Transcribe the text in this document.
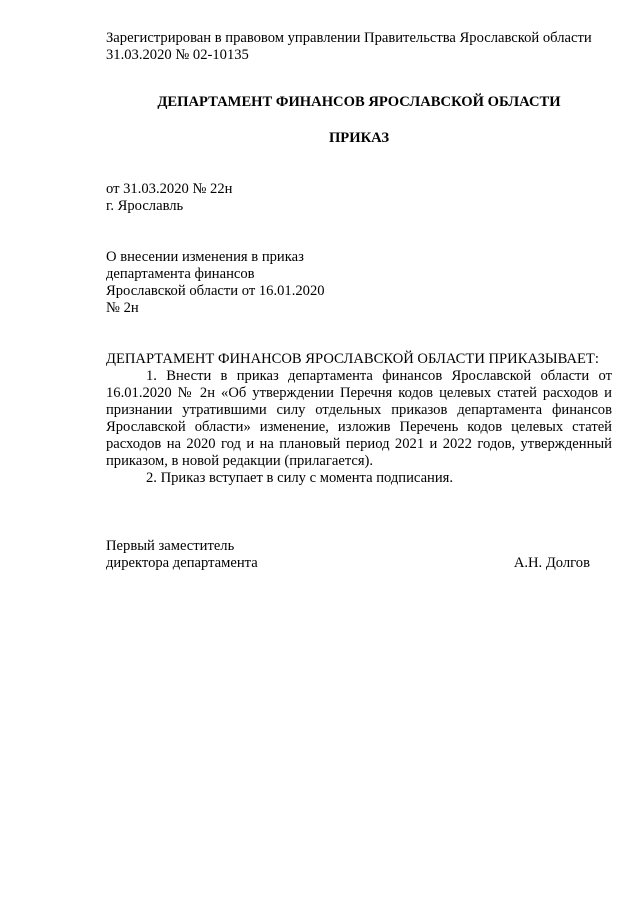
Зарегистрирован в правовом управлении Правительства Ярославской области
31.03.2020 № 02-10135
ДЕПАРТАМЕНТ ФИНАНСОВ ЯРОСЛАВСКОЙ ОБЛАСТИ
ПРИКАЗ
от 31.03.2020 № 22н
г. Ярославль
О внесении изменения в приказ
департамента финансов
Ярославской области от 16.01.2020
№ 2н
ДЕПАРТАМЕНТ ФИНАНСОВ ЯРОСЛАВСКОЙ ОБЛАСТИ ПРИКАЗЫВАЕТ:
1. Внести в приказ департамента финансов Ярославской области от 16.01.2020 № 2н «Об утверждении Перечня кодов целевых статей расходов и признании утратившими силу отдельных приказов департамента финансов Ярославской области» изменение, изложив Перечень кодов целевых статей расходов на 2020 год и на плановый период 2021 и 2022 годов, утвержденный приказом, в новой редакции (прилагается).
2. Приказ вступает в силу с момента подписания.
Первый заместитель
директора департамента	А.Н. Долгов
